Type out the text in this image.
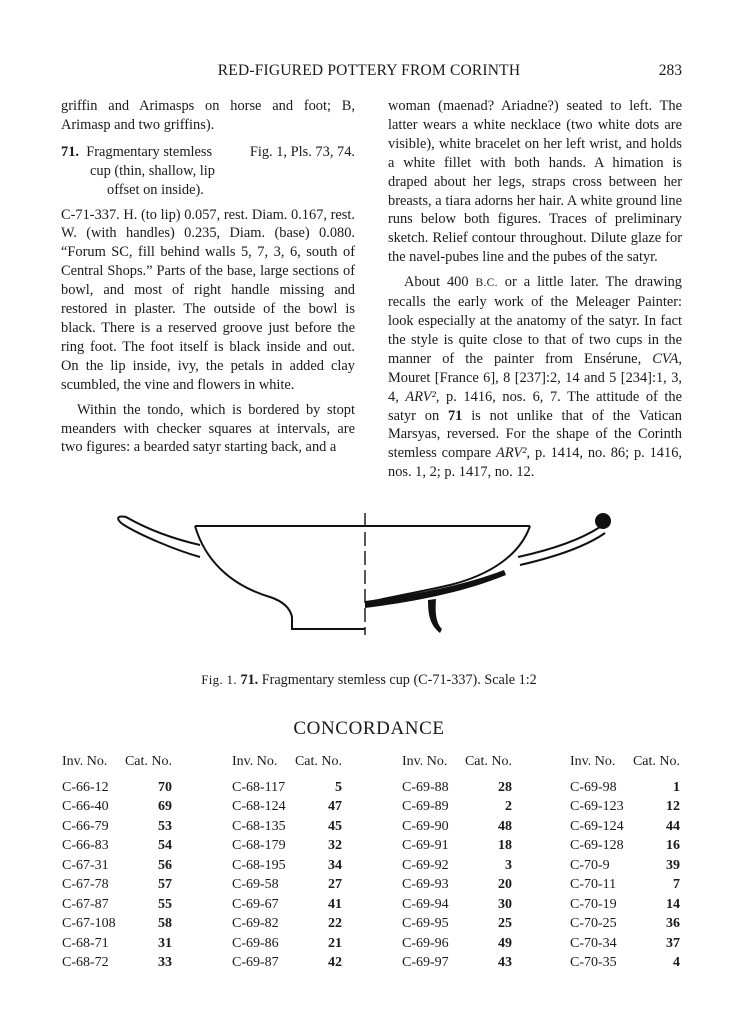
RED-FIGURED POTTERY FROM CORINTH	283

griffin and Arimasps on horse and foot; B, Arimasp and two griffins).

71. Fragmentary stemless	Fig. 1, Pls. 73, 74.
cup (thin, shallow, lip
offset on inside).

C-71-337. H. (to lip) 0.057, rest. Diam. 0.167, rest. W. (with handles) 0.235, Diam. (base) 0.080. “Forum SC, fill behind walls 5, 7, 3, 6, south of Central Shops.” Parts of the base, large sections of bowl, and most of right handle missing and restored in plaster. The outside of the bowl is black. There is a reserved groove just before the ring foot. The foot itself is black inside and out. On the lip inside, ivy, the petals in added clay scumbled, the vine and flowers in white.

Within the tondo, which is bordered by stopt meanders with checker squares at intervals, are two figures: a bearded satyr starting back, and a

woman (maenad? Ariadne?) seated to left. The latter wears a white necklace (two white dots are visible), white bracelet on her left wrist, and holds a white fillet with both hands. A himation is draped about her legs, straps cross between her breasts, a tiara adorns her hair. A white ground line runs below both figures. Traces of preliminary sketch. Relief contour throughout. Dilute glaze for the navel-pubes line and the pubes of the satyr.

About 400 B.C. or a little later. The drawing recalls the early work of the Meleager Painter: look especially at the anatomy of the satyr. In fact the style is quite close to that of two cups in the manner of the painter from Ensérune, CVA, Mouret [France 6], 8 [237]:2, 14 and 5 [234]:1, 3, 4, ARV², p. 1416, nos. 6, 7. The attitude of the satyr on 71 is not unlike that of the Vatican Marsyas, reversed. For the shape of the Corinth stemless compare ARV², p. 1414, no. 86; p. 1416, nos. 1, 2; p. 1417, no. 12.

Fig. 1. 71. Fragmentary stemless cup (C-71-337). Scale 1:2
CONCORDANCE
Inv. No. Cat. No.
C-66-12	70
C-66-40	69
C-66-79	53
C-66-83	54
C-67-31	56
C-67-78	57
C-67-87	55
C-67-108	58
C-68-71	31
C-68-72	33
Inv. No. Cat. No.
C-68-117	5
C-68-124	47
C-68-135	45
C-68-179	32
C-68-195	34
C-69-58	27
C-69-67	41
C-69-82	22
C-69-86	21
C-69-87	42
Inv. No. Cat. No.
C-69-88	28
C-69-89	2
C-69-90	48
C-69-91	18
C-69-92	3
C-69-93	20
C-69-94	30
C-69-95	25
C-69-96	49
C-69-97	43
Inv. No. Cat. No.
C-69-98	1
C-69-123	12
C-69-124	44
C-69-128	16
C-70-9	39
C-70-11	7
C-70-19	14
C-70-25	36
C-70-34	37
C-70-35	4
